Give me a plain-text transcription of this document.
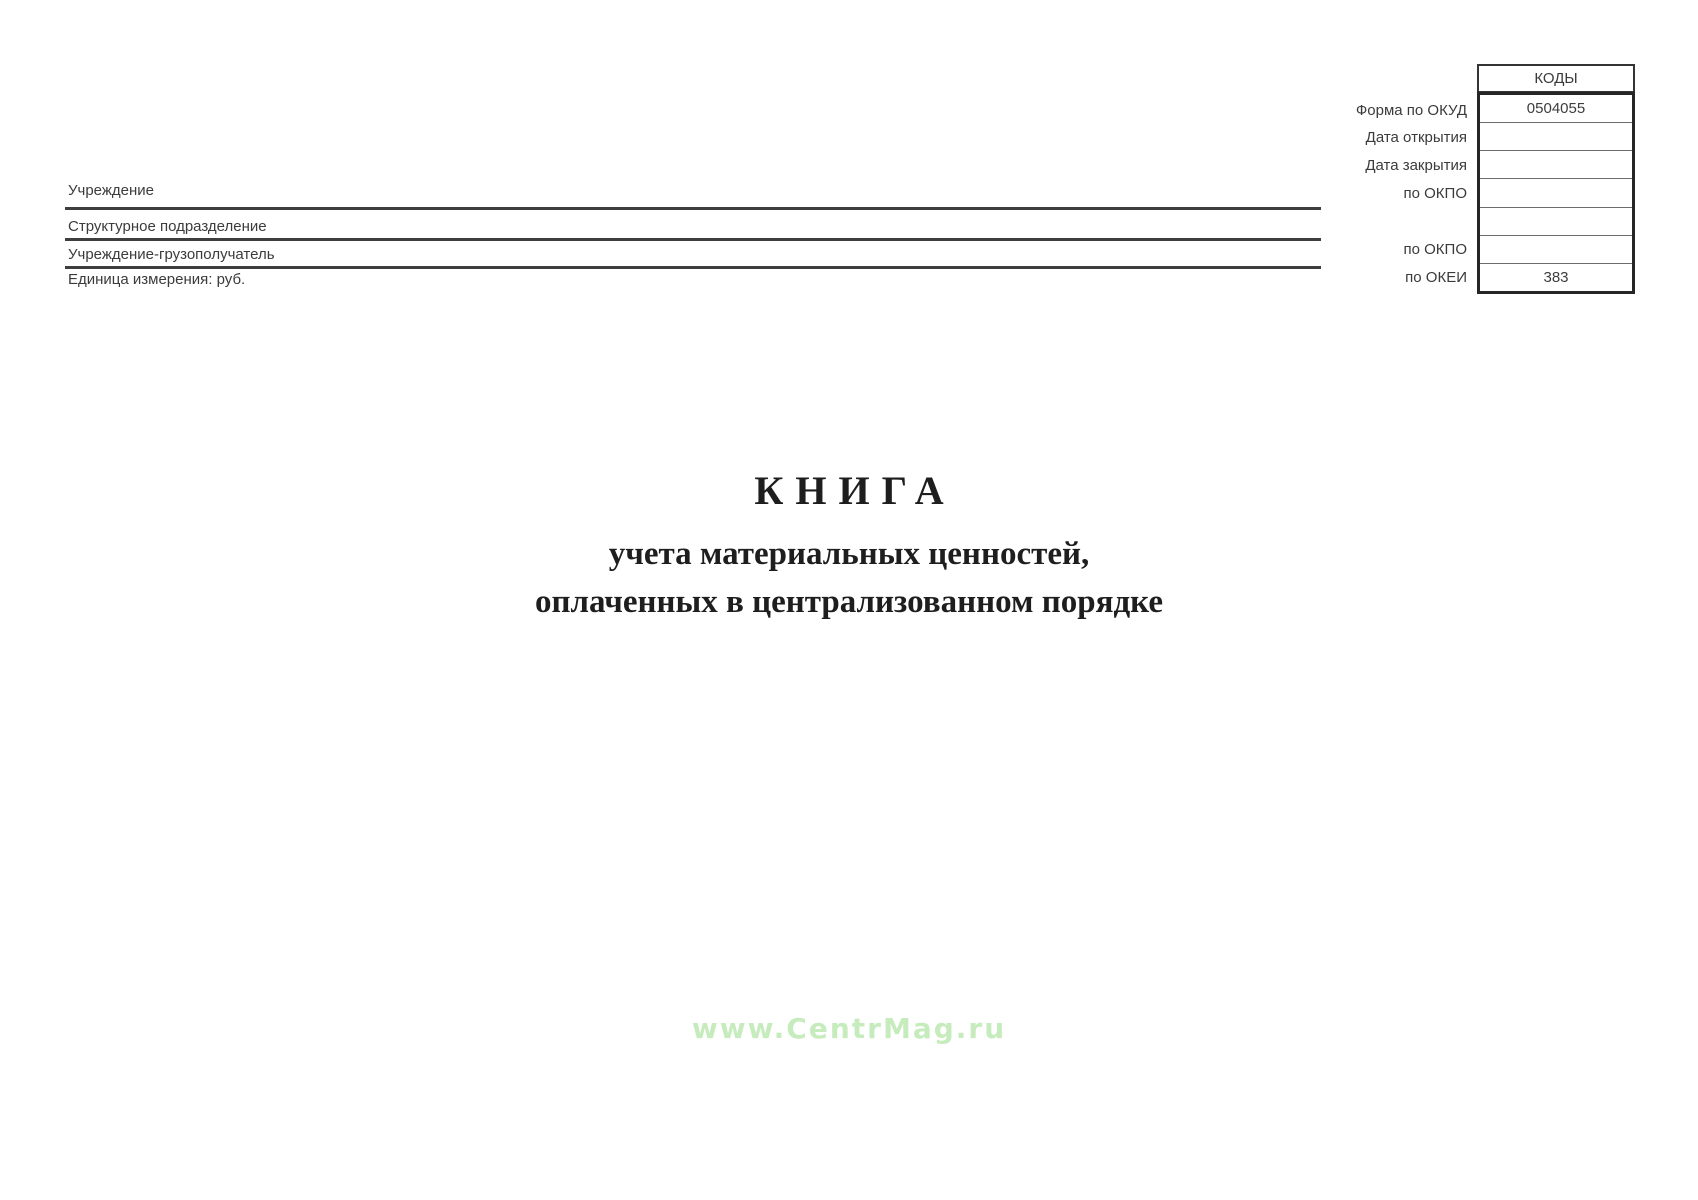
КОДЫ
0504055
383
Форма по ОКУД
Дата открытия
Дата закрытия
по ОКПО
по ОКПО
по ОКЕИ
Учреждение
Структурное подразделение
Учреждение-грузополучатель
Единица измерения: руб.
КНИГА
учета материальных ценностей,
оплаченных в централизованном порядке
www.CentrMag.ru
